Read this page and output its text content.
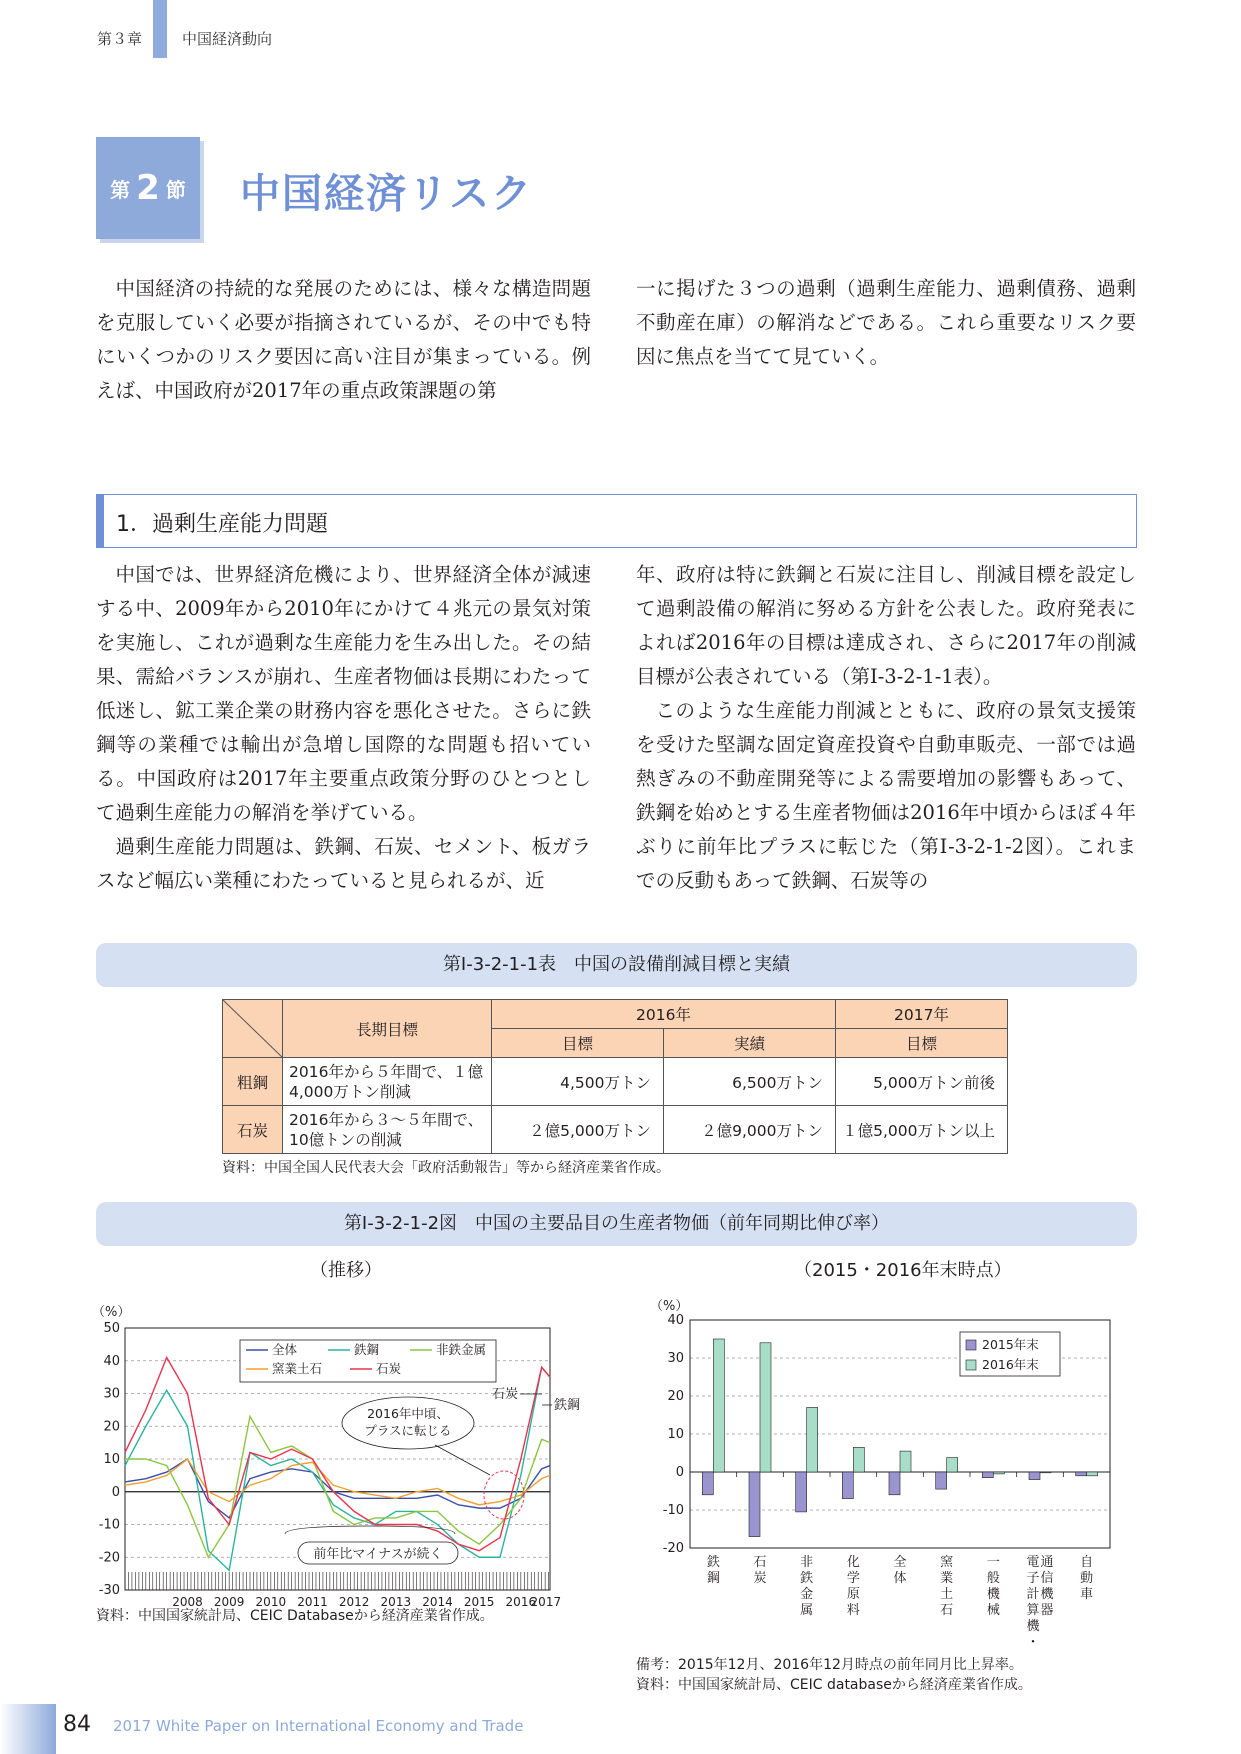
第３章	中国経済動向
第 2 節 中国経済リスク

中国経済の持続的な発展のためには、様々な構造問題を克服していく必要が指摘されているが、その中でも特にいくつかのリスク要因に高い注目が集まっている。例えば、中国政府が2017年の重点政策課題の第

一に掲げた３つの過剰（過剰生産能力、過剰債務、過剰不動産在庫）の解消などである。これら重要なリスク要因に焦点を当てて見ていく。

1．過剰生産能力問題

中国では、世界経済危機により、世界経済全体が減速する中、2009年から2010年にかけて４兆元の景気対策を実施し、これが過剰な生産能力を生み出した。その結果、需給バランスが崩れ、生産者物価は長期にわたって低迷し、鉱工業企業の財務内容を悪化させた。さらに鉄鋼等の業種では輸出が急増し国際的な問題も招いている。中国政府は2017年主要重点政策分野のひとつとして過剰生産能力の解消を挙げている。

過剰生産能力問題は、鉄鋼、石炭、セメント、板ガラスなど幅広い業種にわたっていると見られるが、近

年、政府は特に鉄鋼と石炭に注目し、削減目標を設定して過剰設備の解消に努める方針を公表した。政府発表によれば2016年の目標は達成され、さらに2017年の削減目標が公表されている（第Ⅰ-3-2-1-1表）。

このような生産能力削減とともに、政府の景気支援策を受けた堅調な固定資産投資や自動車販売、一部では過熱ぎみの不動産開発等による需要増加の影響もあって、鉄鋼を始めとする生産者物価は2016年中頃からほぼ４年ぶりに前年比プラスに転じた（第Ⅰ-3-2-1-2図）。これまでの反動もあって鉄鋼、石炭等の

第Ⅰ-3-2-1-1表　中国の設備削減目標と実績
	長期目標	2016年		2017年
		目標	実績	目標
粗鋼	2016年から５年間で、１億4,000万トン削減	4,500万トン	6,500万トン	5,000万トン前後
石炭	2016年から３～５年間で、10億トンの削減	２億5,000万トン	２億9,000万トン	１億5,000万トン以上
資料：中国全国人民代表大会「政府活動報告」等から経済産業省作成。
第Ⅰ-3-2-1-2図　中国の主要品目の生産者物価（前年同期比伸び率）
（推移）	（2015・2016年末時点）
（%）
50
40
30
20
10
0
-10
-20
-30
2008 2009 2010 2011 2012 2013 2014 2015 2016
2017
全体	鉄鋼	非鉄金属
窯業土石	石炭
石炭
鉄鋼
2016年中頃、
プラスに転じる
前年比マイナスが続く
資料：中国国家統計局、CEIC Databaseから経済産業省作成。
（%）
40
30
20
10
0
-10
-20
鉄
鋼
石
炭
非
鉄
金
属
化
学
原
料
全
体
窯
業
土
石
一
般
機
械
通
信
機
器
電
子
計
算
機
・
自
動
車
2015年末
2016年末
備考：2015年12月、2016年12月時点の前年同月比上昇率。
資料：中国国家統計局、CEIC databaseから経済産業省作成。
84 2017 White Paper on International Economy and Trade
